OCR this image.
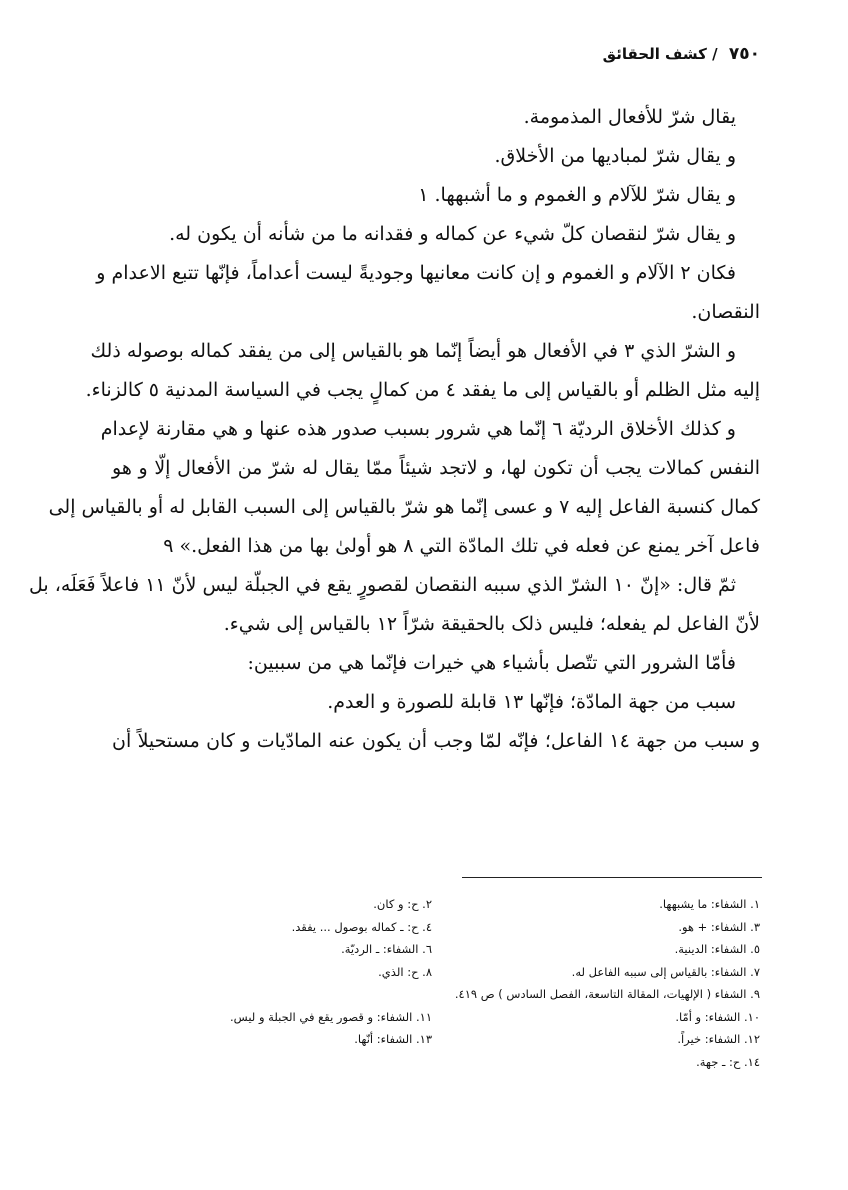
٧٥٠ / كشف الحقائق
يقال شرّ للأفعال المذمومة.
و يقال شرّ لمباديها من الأخلاق.
و يقال شرّ للآلام و الغموم و ما أشبهها. ١
و يقال شرّ لنقصان كلّ شيء عن كماله و فقدانه ما من شأنه أن يكون له.
فكان ٢ الآلام و الغموم و إن كانت معانيها وجوديةً ليست أعداماً، فإنّها تتبع الاعدام و
النقصان.
و الشرّ الذي ٣ في الأفعال هو أيضاً إنّما هو بالقياس إلى من يفقد كماله بوصوله ذلك
إليه مثل الظلم أو بالقياس إلى ما يفقد ٤ من كمالٍ يجب في السياسة المدنية ٥ كالزناء.
و كذلك الأخلاق الرديّة ٦ إنّما هي شرور بسبب صدور هذه عنها و هي مقارنة لإعدام
النفس كمالات يجب أن تكون لها، و لاتجد شيئاً ممّا يقال له شرّ من الأفعال إلّا و هو
كمال كنسبة الفاعل إليه ٧ و عسى إنّما هو شرّ بالقياس إلى السبب القابل له أو بالقياس إلى
فاعل آخر يمنع عن فعله في تلك المادّة التي ٨ هو أولىٰ بها من هذا الفعل.» ٩
ثمّ قال: «إنّ ١٠ الشرّ الذي سببه النقصان لقصورٍ يقع في الجبلّة ليس لأنّ ١١ فاعلاً فَعَلَه، بل
لأنّ الفاعل لم يفعله؛ فليس ذلک بالحقيقة شرّاً ١٢ بالقياس إلى شيء.
فأمّا الشرور التي تتّصل بأشياء هي خيرات فإنّما هي من سببين:
سبب من جهة المادّة؛ فإنّها ١٣ قابلة للصورة و العدم.
و سبب من جهة ١٤ الفاعل؛ فإنّه لمّا وجب أن يكون عنه المادّيات و كان مستحيلاً أن
١. الشفاء: ما يشبهها.
٢. ح: و كان.
٣. الشفاء: + هو.
٤. ح: ـ كماله بوصول ... يفقد.
٥. الشفاء: الدينية.
٦. الشفاء: ـ الرديّة.
٧. الشفاء: بالقياس إلى سببه الفاعل له.
٨. ح: الذي.
٩. الشفاء ( الإلهيات، المقالة التاسعة، الفصل السادس ) ص ٤١٩.
١٠. الشفاء: و أمّا.
١١. الشفاء: و قصور يقع في الجبلة و ليس.
١٢. الشفاء: خيراً.
١٣. الشفاء: أنّها.
١٤. ح: ـ جهة.
